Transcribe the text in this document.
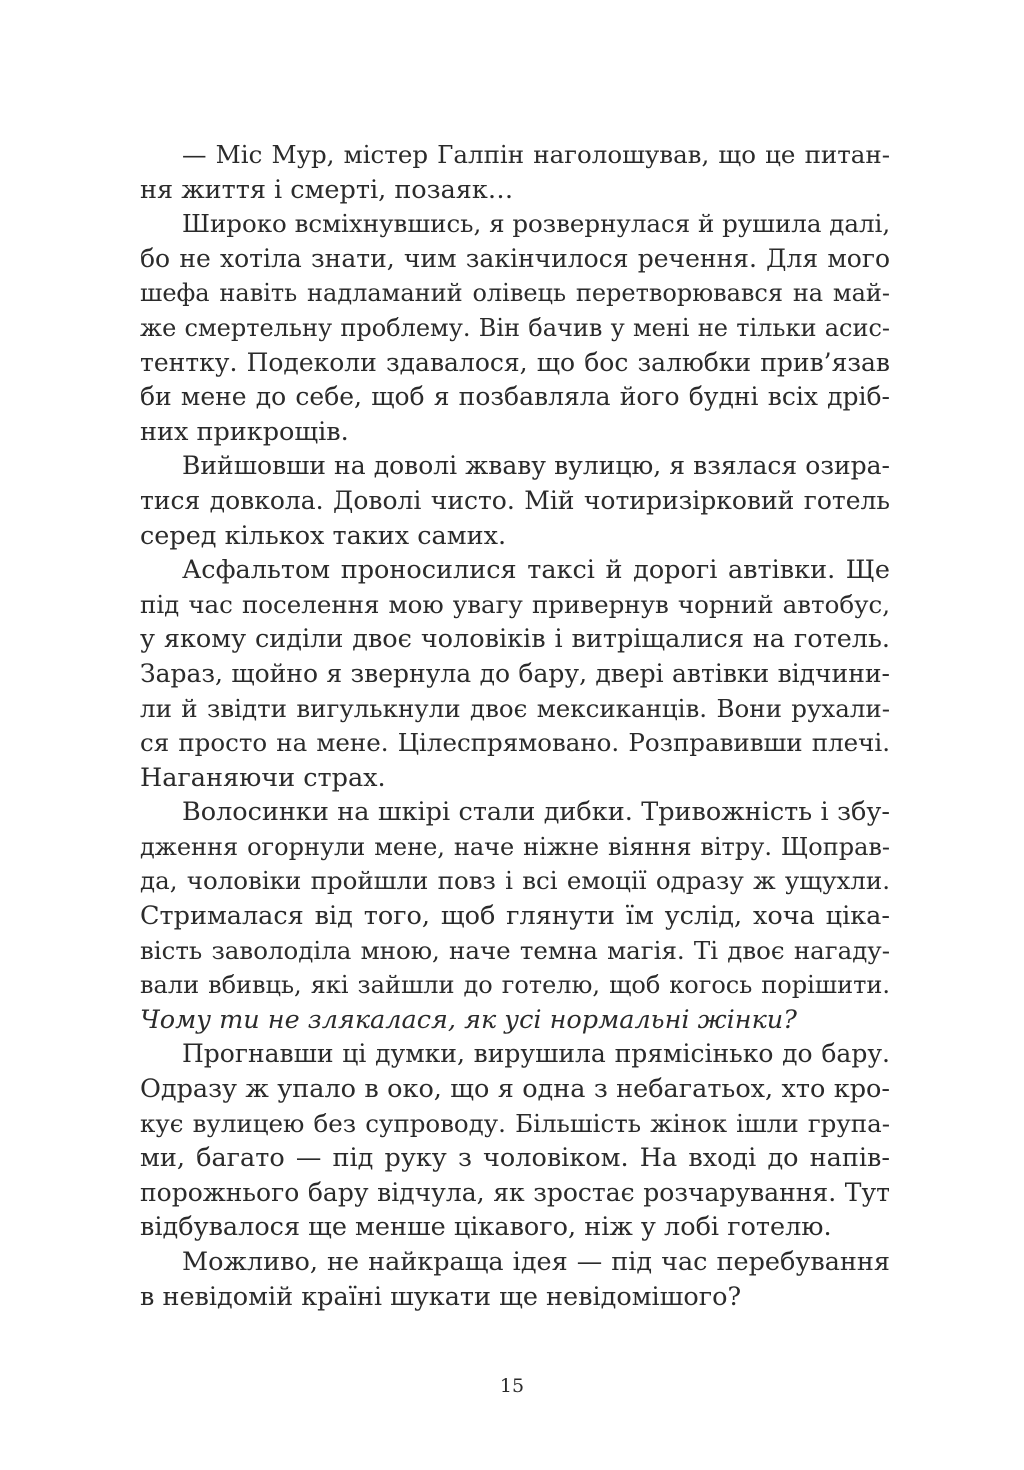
— Міс Мур, містер Галпін наголошував, що це питан-
ня життя і смерті, позаяк…
Широко всміхнувшись, я розвернулася й рушила далі,
бо не хотіла знати, чим закінчилося речення. Для мого
шефа навіть надламаний олівець перетворювався на май-
же смертельну проблему. Він бачив у мені не тільки асис-
тентку. Подеколи здавалося, що бос залюбки прив’язав
би мене до себе, щоб я позбавляла його будні всіх дріб-
них прикрощів.
Вийшовши на доволі жваву вулицю, я взялася озира-
тися довкола. Доволі чисто. Мій чотиризірковий готель
серед кількох таких самих.
Асфальтом проносилися таксі й дорогі автівки. Ще
під час поселення мою увагу привернув чорний автобус,
у якому сиділи двоє чоловіків і витріщалися на готель.
Зараз, щойно я звернула до бару, двері автівки відчини-
ли й звідти вигулькнули двоє мексиканців. Вони рухали-
ся просто на мене. Цілеспрямовано. Розправивши плечі.
Наганяючи страх.
Волосинки на шкірі стали дибки. Тривожність і збу-
дження огорнули мене, наче ніжне віяння вітру. Щоправ-
да, чоловіки пройшли повз і всі емоції одразу ж ущухли.
Стрималася від того, щоб глянути їм услід, хоча ціка-
вість заволоділа мною, наче темна магія. Ті двоє нагаду-
вали вбивць, які зайшли до готелю, щоб когось порішити.
Чому ти не злякалася, як усі нормальні жінки?
Прогнавши ці думки, вирушила прямісінько до бару.
Одразу ж упало в око, що я одна з небагатьох, хто кро-
кує вулицею без супроводу. Більшість жінок ішли група-
ми, багато — під руку з чоловіком. На вході до напів-
порожнього бару відчула, як зростає розчарування. Тут
відбувалося ще менше цікавого, ніж у лобі готелю.
Можливо, не найкраща ідея — під час перебування
в невідомій країні шукати ще невідомішого?
15
